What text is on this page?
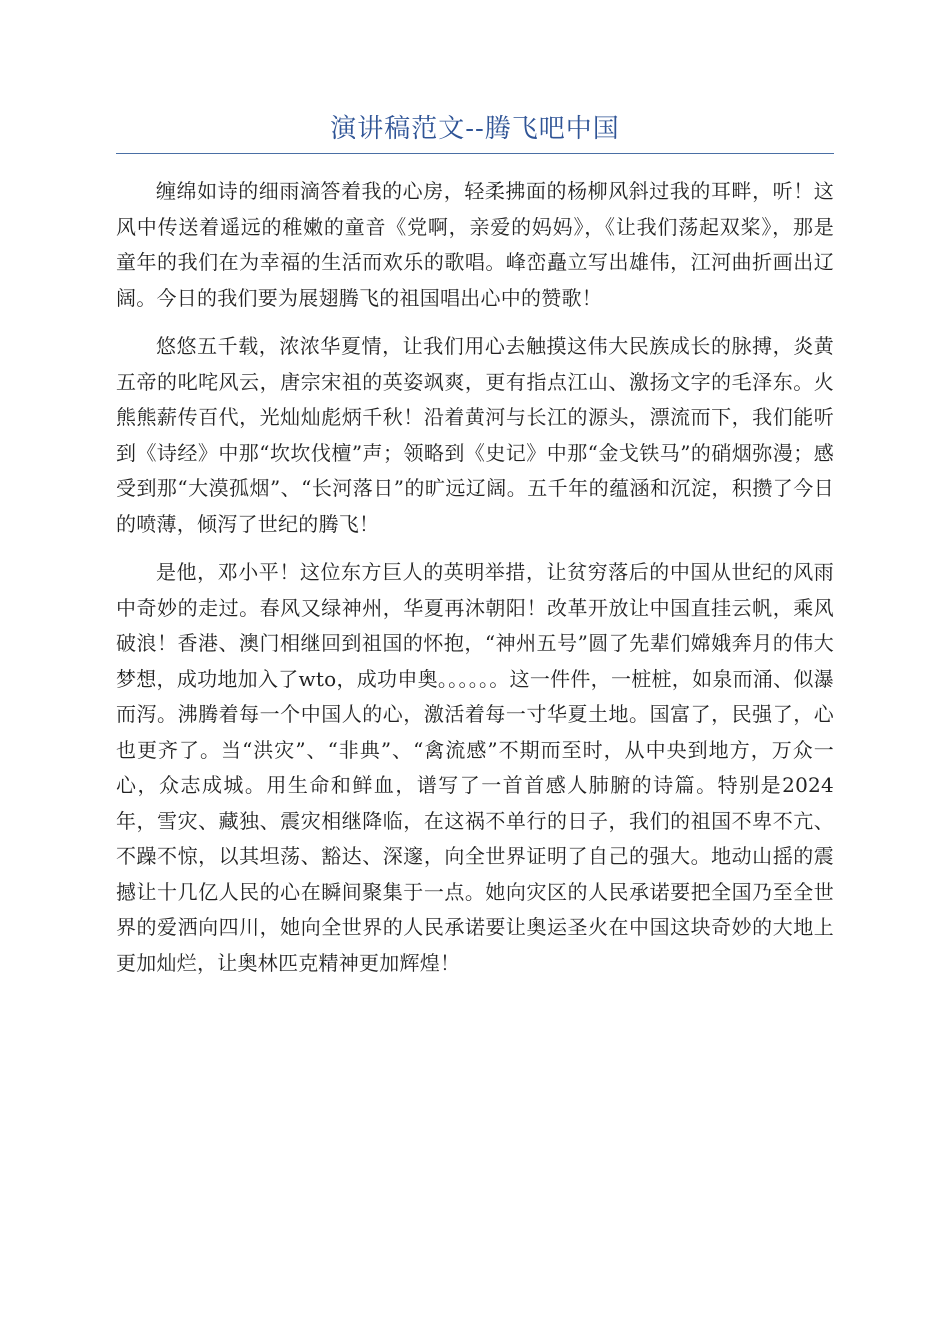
演讲稿范文--腾飞吧中国

缠绵如诗的细雨滴答着我的心房，轻柔拂面的杨柳风斜过我的耳畔，听！这风中传送着遥远的稚嫩的童音《党啊，亲爱的妈妈》，《让我们荡起双桨》，那是童年的我们在为幸福的生活而欢乐的歌唱。峰峦矗立写出雄伟，江河曲折画出辽阔。今日的我们要为展翅腾飞的祖国唱出心中的赞歌！

悠悠五千载，浓浓华夏情，让我们用心去触摸这伟大民族成长的脉搏，炎黄五帝的叱咤风云，唐宗宋祖的英姿飒爽，更有指点江山、激扬文字的毛泽东。火熊熊薪传百代，光灿灿彪炳千秋！沿着黄河与长江的源头，漂流而下，我们能听到《诗经》中那“坎坎伐檀”声；领略到《史记》中那“金戈铁马”的硝烟弥漫；感受到那“大漠孤烟”、“长河落日”的旷远辽阔。五千年的蕴涵和沉淀，积攒了今日的喷薄，倾泻了世纪的腾飞！

是他，邓小平！这位东方巨人的英明举措，让贫穷落后的中国从世纪的风雨中奇妙的走过。春风又绿神州，华夏再沐朝阳！改革开放让中国直挂云帆，乘风破浪！香港、澳门相继回到祖国的怀抱，“神州五号”圆了先辈们嫦娥奔月的伟大梦想，成功地加入了wto，成功申奥。。。。。。这一件件，一桩桩，如泉而涌、似瀑而泻。沸腾着每一个中国人的心，激活着每一寸华夏土地。国富了，民强了，心也更齐了。当“洪灾”、“非典”、“禽流感”不期而至时，从中央到地方，万众一心，众志成城。用生命和鲜血，谱写了一首首感人肺腑的诗篇。特别是2024年，雪灾、藏独、震灾相继降临，在这祸不单行的日子，我们的祖国不卑不亢、不躁不惊，以其坦荡、豁达、深邃，向全世界证明了自己的强大。地动山摇的震撼让十几亿人民的心在瞬间聚集于一点。她向灾区的人民承诺要把全国乃至全世界的爱洒向四川，她向全世界的人民承诺要让奥运圣火在中国这块奇妙的大地上更加灿烂，让奥林匹克精神更加辉煌！
